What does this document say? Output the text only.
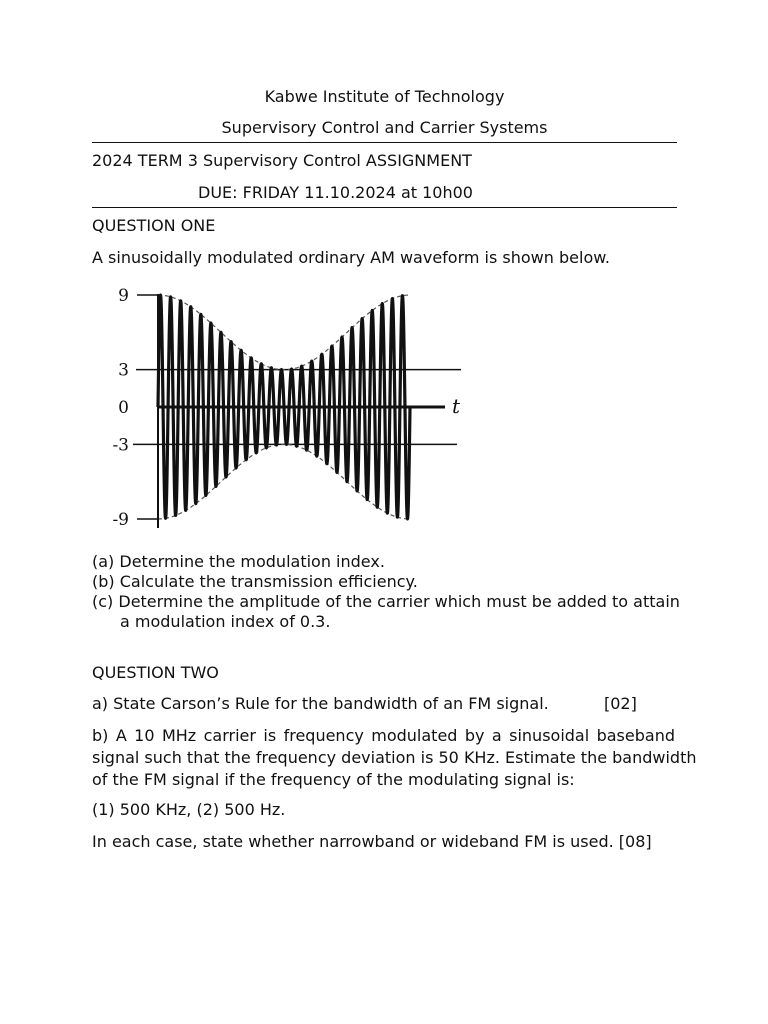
Kabwe Institute of Technology
Supervisory Control and Carrier Systems
2024 TERM 3 Supervisory Control ASSIGNMENT
DUE: FRIDAY 11.10.2024 at 10h00
QUESTION ONE
A sinusoidally modulated ordinary AM waveform is shown below.
9
3
0
-3
-9
t
(a) Determine the modulation index.
(b) Calculate the transmission efficiency.
(c) Determine the amplitude of the carrier which must be added to attain
a modulation index of 0.3.
QUESTION TWO
a) State Carson’s Rule for the bandwidth of an FM signal.	[02]
b) A 10 MHz carrier is frequency modulated by a sinusoidal baseband
signal such that the frequency deviation is 50 KHz. Estimate the bandwidth
of the FM signal if the frequency of the modulating signal is:
(1) 500 KHz, (2) 500 Hz.
In each case, state whether narrowband or wideband FM is used. [08]
